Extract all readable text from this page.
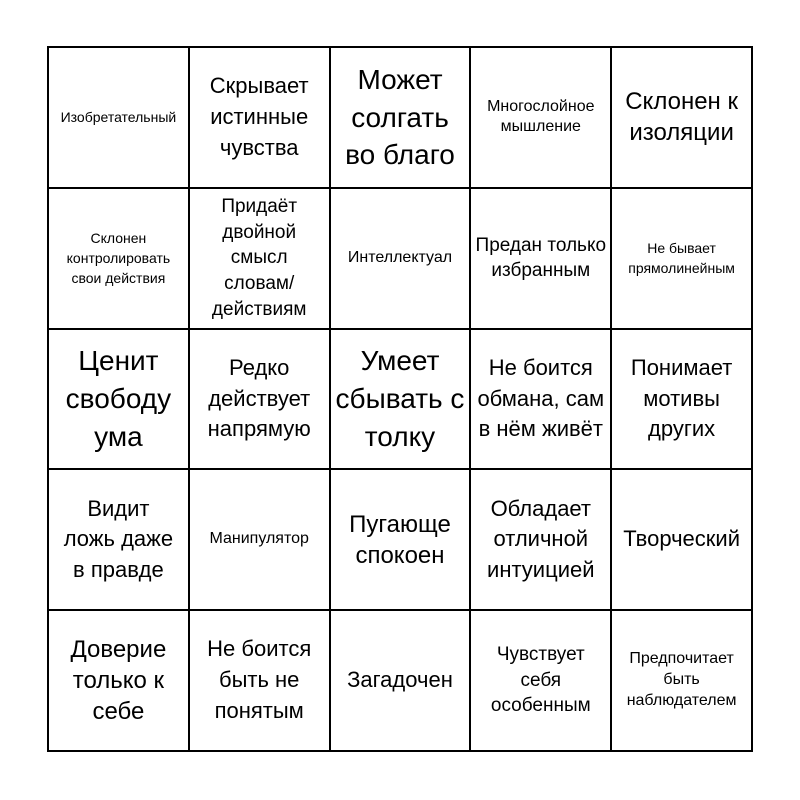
Изобретательный
Скрывает истинные чувства
Может солгать во благо
Многослойное мышление
Склонен к изоляции
Склонен контролировать свои действия
Придаёт двойной смысл словам/ действиям
Интеллектуал
Предан только избранным
Не бывает прямолинейным
Ценит свободу ума
Редко действует напрямую
Умеет сбывать с толку
Не боится обмана, сам в нём живёт
Понимает мотивы других
Видит ложь даже в правде
Манипулятор
Пугающе спокоен
Обладает отличной интуицией
Творческий
Доверие только к себе
Не боится быть не понятым
Загадочен
Чувствует себя особенным
Предпочитает быть наблюдателем
